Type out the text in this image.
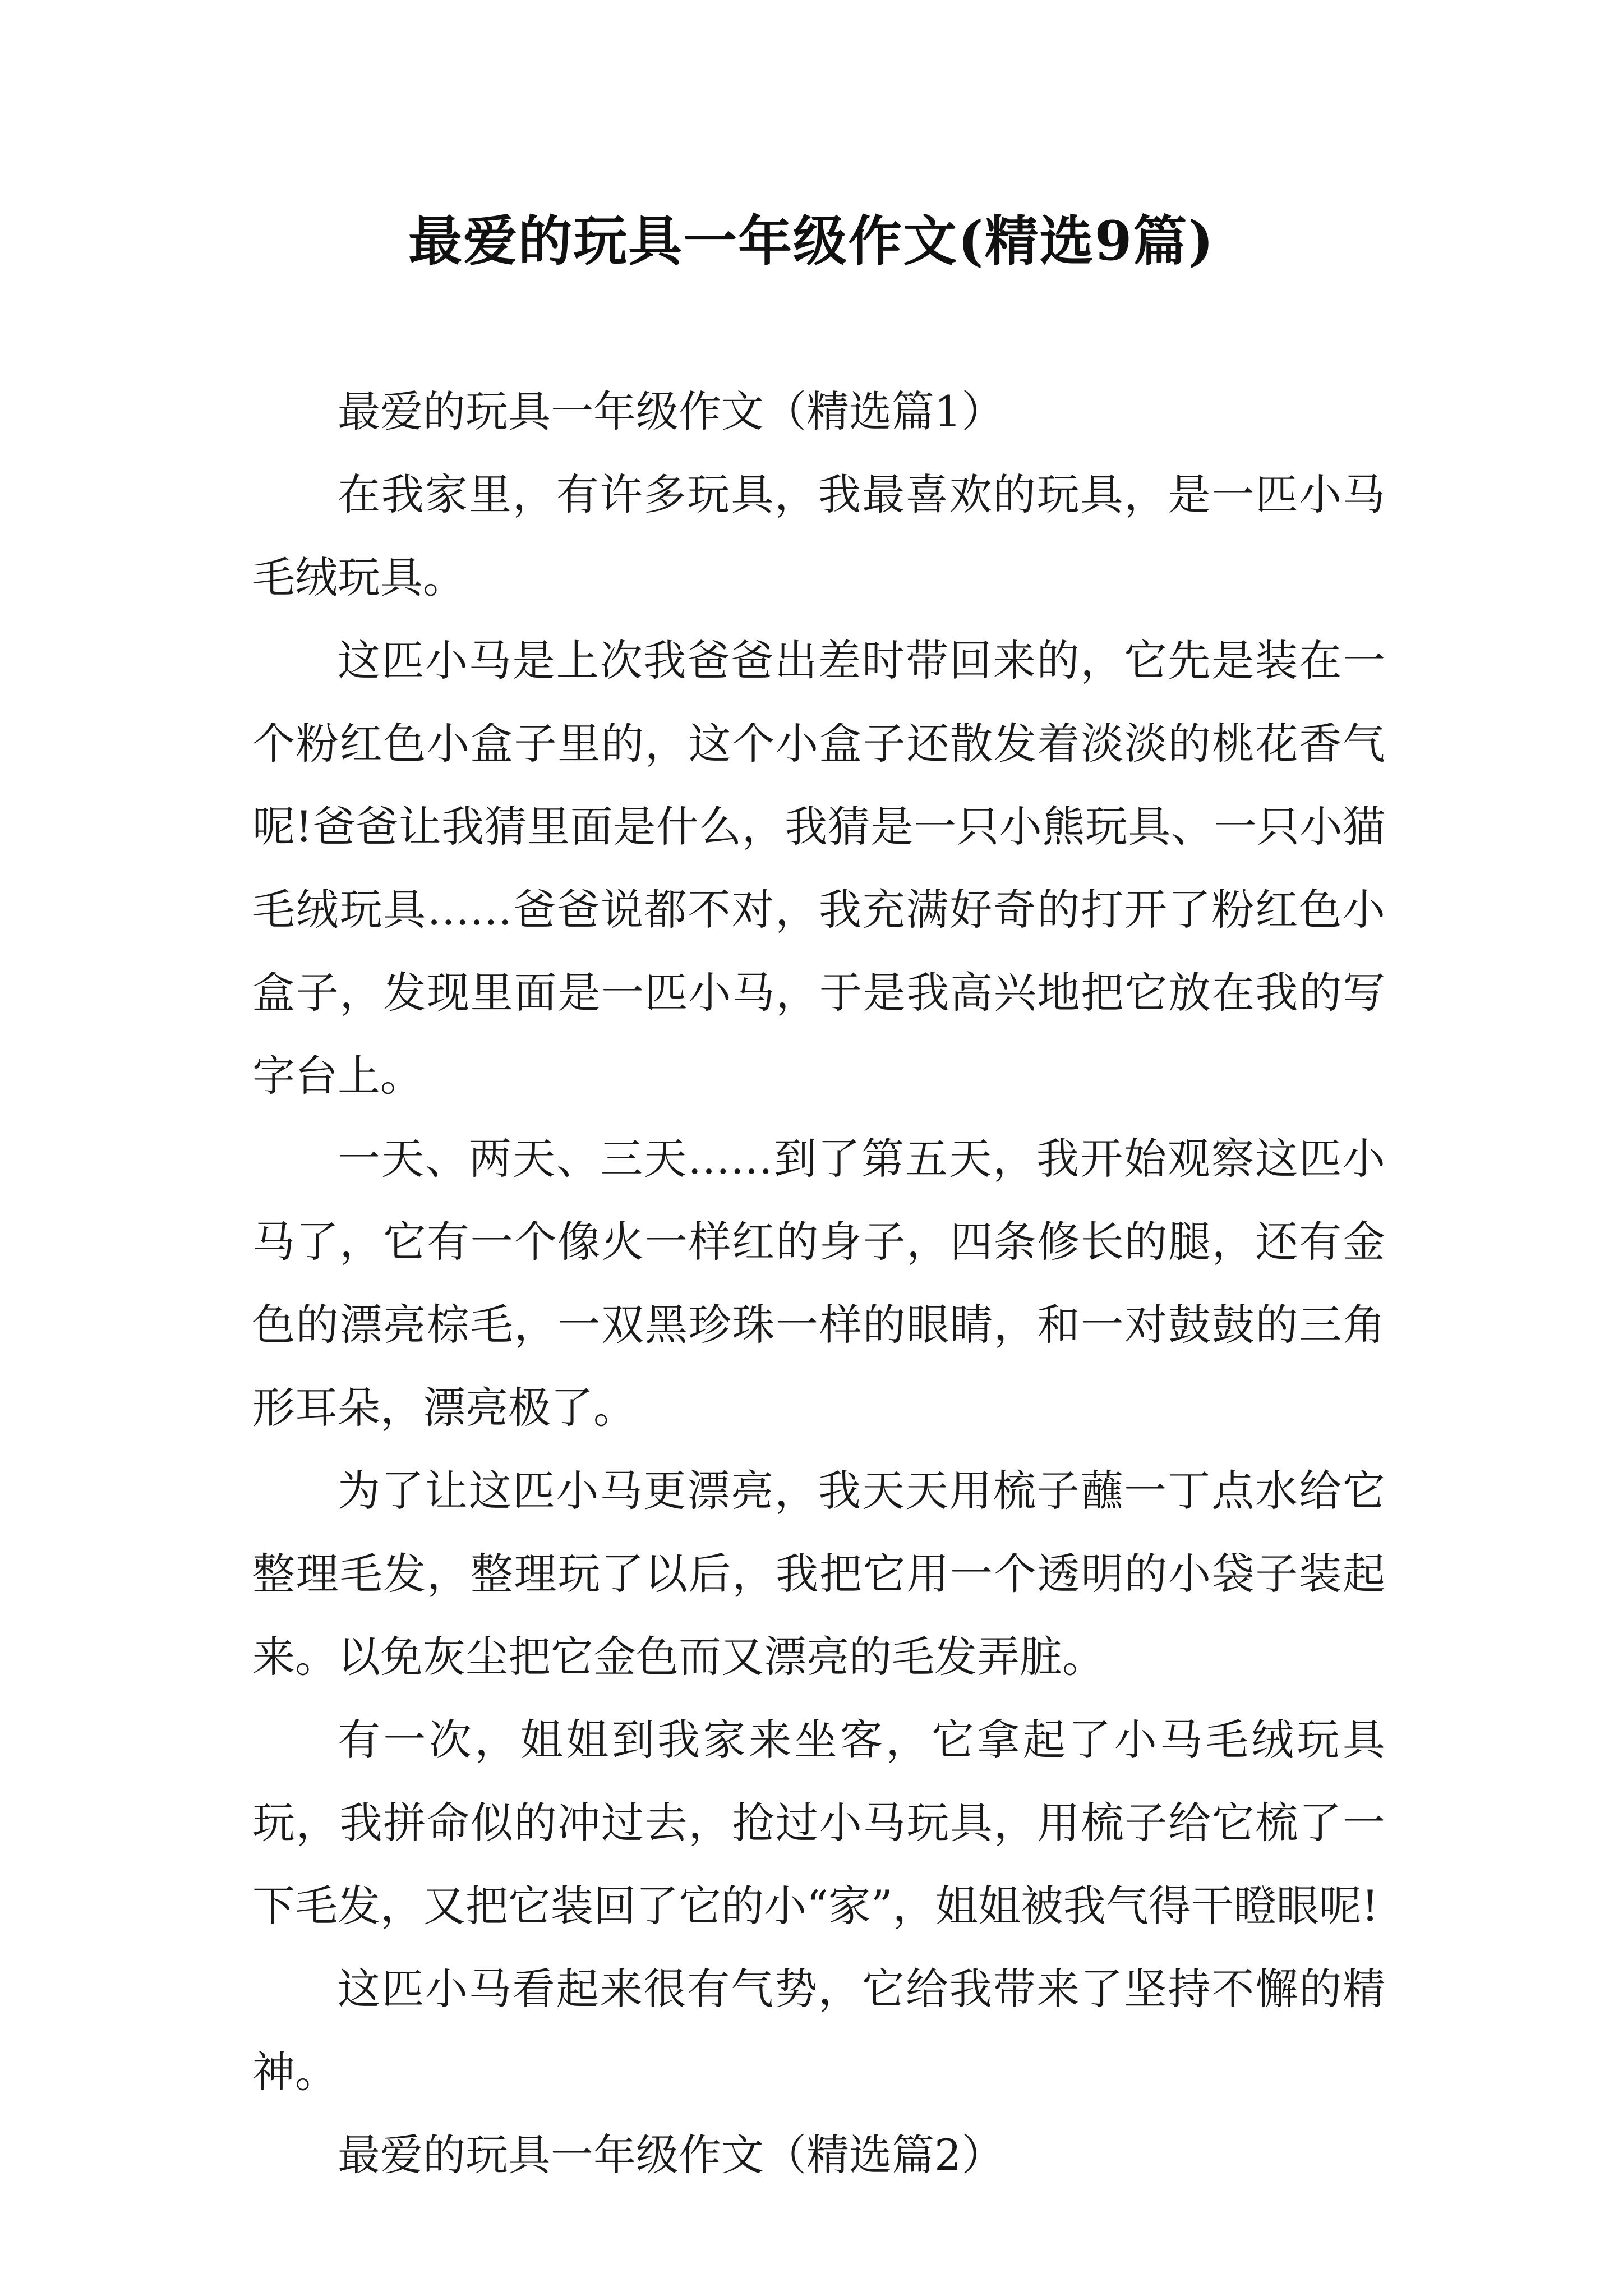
最爱的玩具一年级作文(精选9篇)

最爱的玩具一年级作文（精选篇1）

在我家里，有许多玩具，我最喜欢的玩具，是一匹小马毛绒玩具。

这匹小马是上次我爸爸出差时带回来的，它先是装在一个粉红色小盒子里的，这个小盒子还散发着淡淡的桃花香气呢!爸爸让我猜里面是什么，我猜是一只小熊玩具、一只小猫毛绒玩具……爸爸说都不对，我充满好奇的打开了粉红色小盒子，发现里面是一匹小马，于是我高兴地把它放在我的写字台上。

一天、两天、三天……到了第五天，我开始观察这匹小马了，它有一个像火一样红的身子，四条修长的腿，还有金色的漂亮棕毛，一双黑珍珠一样的眼睛，和一对鼓鼓的三角形耳朵，漂亮极了。

为了让这匹小马更漂亮，我天天用梳子蘸一丁点水给它整理毛发，整理玩了以后，我把它用一个透明的小袋子装起来。以免灰尘把它金色而又漂亮的毛发弄脏。

有一次，姐姐到我家来坐客，它拿起了小马毛绒玩具玩，我拼命似的冲过去，抢过小马玩具，用梳子给它梳了一下毛发，又把它装回了它的小“家”，姐姐被我气得干瞪眼呢!

这匹小马看起来很有气势，它给我带来了坚持不懈的精神。

最爱的玩具一年级作文（精选篇2）
